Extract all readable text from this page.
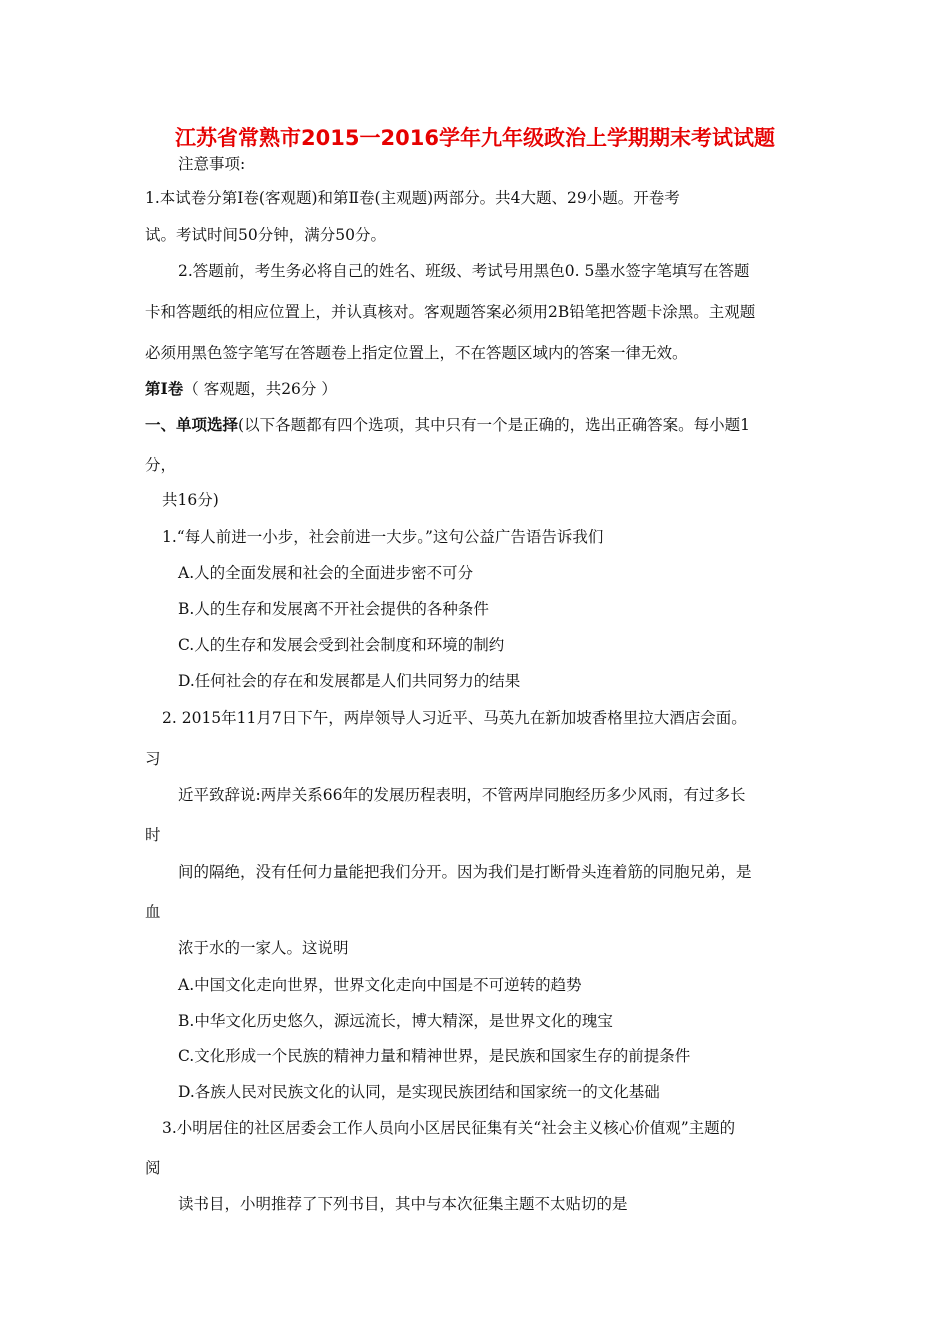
江苏省常熟市2015一2016学年九年级政治上学期期末考试试题
注意事项:
1.本试卷分第Ⅰ卷(客观题)和第Ⅱ卷(主观题)两部分。共4大题、29小题。开卷考
试。考试时间50分钟，满分50分。
2.答题前，考生务必将自己的姓名、班级、考试号用黑色0. 5墨水签字笔填写在答题
卡和答题纸的相应位置上，并认真核对。客观题答案必须用2B铅笔把答题卡涂黑。主观题
必须用黑色签字笔写在答题卷上指定位置上，不在答题区域内的答案一律无效。
第Ⅰ卷（ 客观题，共26分 ）
一、单项选择(以下各题都有四个选项，其中只有一个是正确的，选出正确答案。每小题1
分，
共16分)
1.“每人前进一小步，社会前进一大步。”这句公益广告语告诉我们
A.人的全面发展和社会的全面进步密不可分
B.人的生存和发展离不开社会提供的各种条件
C.人的生存和发展会受到社会制度和环境的制约
D.任何社会的存在和发展都是人们共同努力的结果
2. 2015年11月7日下午，两岸领导人习近平、马英九在新加坡香格里拉大酒店会面。
习
近平致辞说:两岸关系66年的发展历程表明，不管两岸同胞经历多少风雨，有过多长
时
间的隔绝，没有任何力量能把我们分开。因为我们是打断骨头连着筋的同胞兄弟，是
血
浓于水的一家人。这说明
A.中国文化走向世界，世界文化走向中国是不可逆转的趋势
B.中华文化历史悠久，源远流长，博大精深，是世界文化的瑰宝
C.文化形成一个民族的精神力量和精神世界，是民族和国家生存的前提条件
D.各族人民对民族文化的认同，是实现民族团结和国家统一的文化基础
3.小明居住的社区居委会工作人员向小区居民征集有关“社会主义核心价值观”主题的
阅
读书目，小明推荐了下列书目，其中与本次征集主题不太贴切的是
